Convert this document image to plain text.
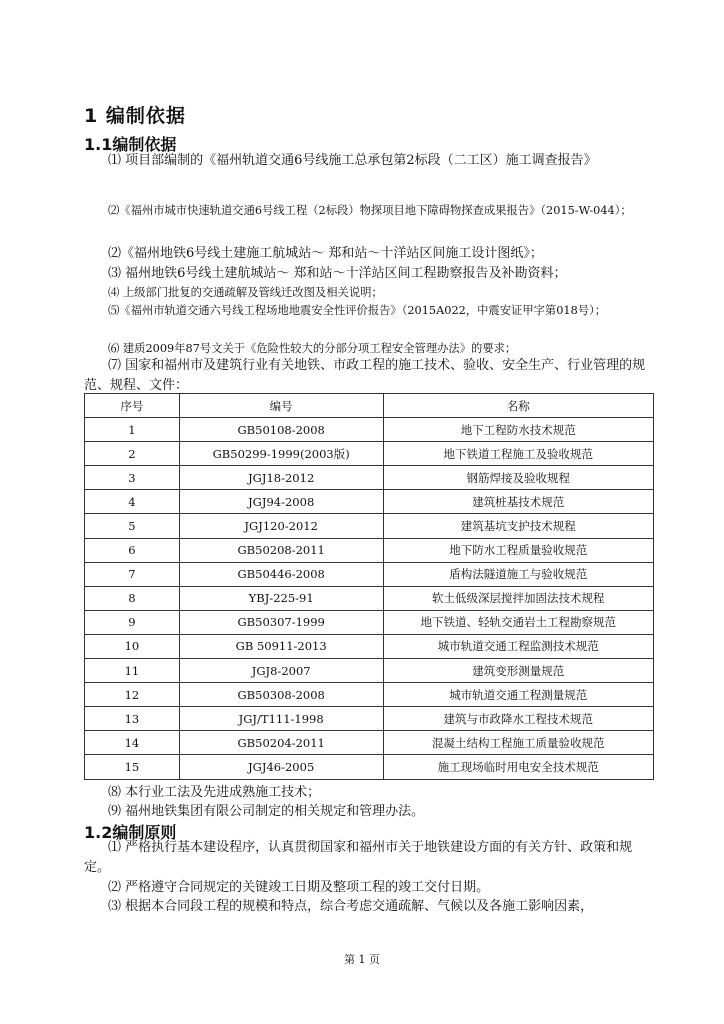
1 编制依据
1.1编制依据
⑴ 项目部编制的《福州轨道交通6号线施工总承包第2标段（二工区）施工调查报告》
⑵《福州市城市快速轨道交通6号线工程（2标段）物探项目地下障碍物探查成果报告》（2015-W-044）；
⑵《福州地铁6号线土建施工航城站～ 郑和站～十洋站区间施工设计图纸》；
⑶ 福州地铁6号线土建航城站～ 郑和站～十洋站区间工程勘察报告及补勘资料；
⑷ 上级部门批复的交通疏解及管线迁改图及相关说明；
⑸《福州市轨道交通六号线工程场地地震安全性评价报告》（2015A022，中震安证甲字第018号）；
⑹ 建质2009年87号文关于《危险性较大的分部分项工程安全管理办法》的要求；
⑺ 国家和福州市及建筑行业有关地铁、市政工程的施工技术、验收、安全生产、行业管理的规范、规程、文件：
序号	编号	名称
1	GB50108-2008	地下工程防水技术规范
2	GB50299-1999(2003版)	地下铁道工程施工及验收规范
3	JGJ18-2012	钢筋焊接及验收规程
4	JGJ94-2008	建筑桩基技术规范
5	JGJ120-2012	建筑基坑支护技术规程
6	GB50208-2011	地下防水工程质量验收规范
7	GB50446-2008	盾构法隧道施工与验收规范
8	YBJ-225-91	软土低级深层搅拌加固法技术规程
9	GB50307-1999	地下铁道、轻轨交通岩土工程勘察规范
10	GB 50911-2013	城市轨道交通工程监测技术规范
11	JGJ8-2007	建筑变形测量规范
12	GB50308-2008	城市轨道交通工程测量规范
13	JGJ/T111-1998	建筑与市政降水工程技术规范
14	GB50204-2011	混凝土结构工程施工质量验收规范
15	JGJ46-2005	施工现场临时用电安全技术规范
⑻ 本行业工法及先进成熟施工技术；
⑼ 福州地铁集团有限公司制定的相关规定和管理办法。
1.2编制原则
⑴ 严格执行基本建设程序，认真贯彻国家和福州市关于地铁建设方面的有关方针、政策和规定。
⑵ 严格遵守合同规定的关键竣工日期及整项工程的竣工交付日期。
⑶ 根据本合同段工程的规模和特点，综合考虑交通疏解、气候以及各施工影响因素，
第 1 页
